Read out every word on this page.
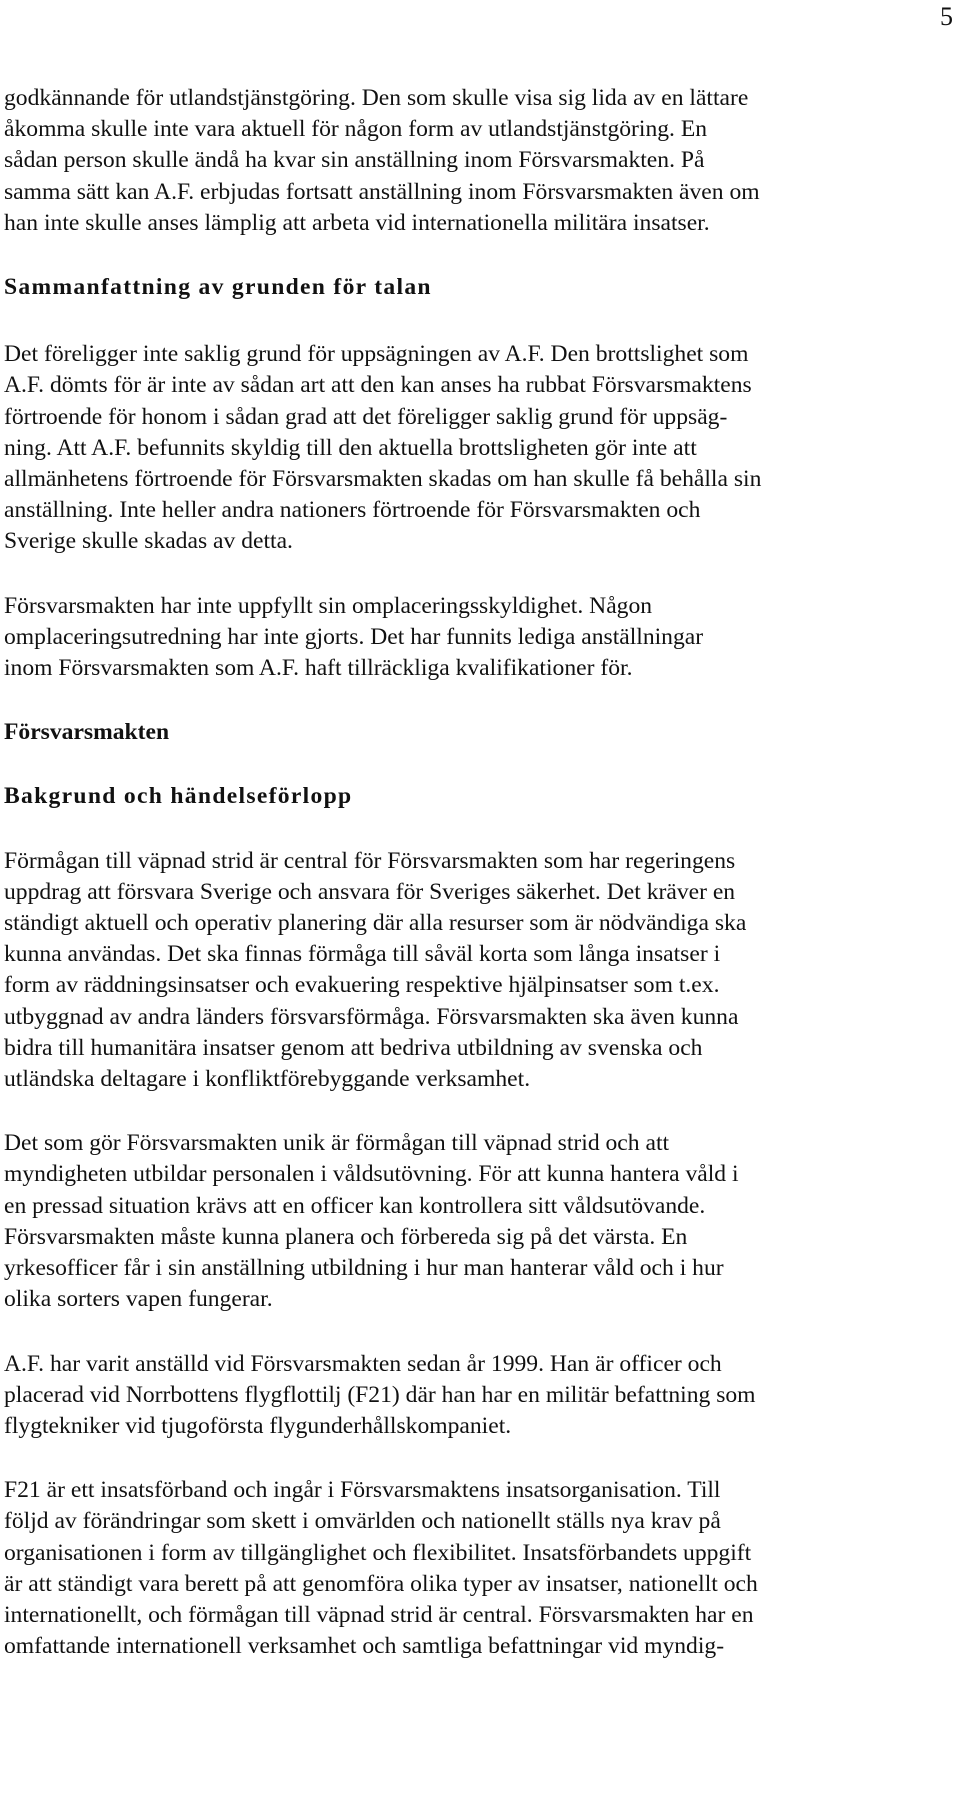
5

godkännande för utlandstjänstgöring. Den som skulle visa sig lida av en lättare
åkomma skulle inte vara aktuell för någon form av utlandstjänstgöring. En
sådan person skulle ändå ha kvar sin anställning inom Försvarsmakten. På
samma sätt kan A.F. erbjudas fortsatt anställning inom Försvarsmakten även om
han inte skulle anses lämplig att arbeta vid internationella militära insatser.

Sammanfattning av grunden för talan

Det föreligger inte saklig grund för uppsägningen av A.F. Den brottslighet som
A.F. dömts för är inte av sådan art att den kan anses ha rubbat Försvarsmaktens
förtroende för honom i sådan grad att det föreligger saklig grund för uppsäg-
ning. Att A.F. befunnits skyldig till den aktuella brottsligheten gör inte att
allmänhetens förtroende för Försvarsmakten skadas om han skulle få behålla sin
anställning. Inte heller andra nationers förtroende för Försvarsmakten och
Sverige skulle skadas av detta.

Försvarsmakten har inte uppfyllt sin omplaceringsskyldighet. Någon
omplaceringsutredning har inte gjorts. Det har funnits lediga anställningar
inom Försvarsmakten som A.F. haft tillräckliga kvalifikationer för.

Försvarsmakten
Bakgrund och händelseförlopp

Förmågan till väpnad strid är central för Försvarsmakten som har regeringens
uppdrag att försvara Sverige och ansvara för Sveriges säkerhet. Det kräver en
ständigt aktuell och operativ planering där alla resurser som är nödvändiga ska
kunna användas. Det ska finnas förmåga till såväl korta som långa insatser i
form av räddningsinsatser och evakuering respektive hjälpinsatser som t.ex.
utbyggnad av andra länders försvarsförmåga. Försvarsmakten ska även kunna
bidra till humanitära insatser genom att bedriva utbildning av svenska och
utländska deltagare i konfliktförebyggande verksamhet.

Det som gör Försvarsmakten unik är förmågan till väpnad strid och att
myndigheten utbildar personalen i våldsutövning. För att kunna hantera våld i
en pressad situation krävs att en officer kan kontrollera sitt våldsutövande.
Försvarsmakten måste kunna planera och förbereda sig på det värsta. En
yrkesofficer får i sin anställning utbildning i hur man hanterar våld och i hur
olika sorters vapen fungerar.

A.F. har varit anställd vid Försvarsmakten sedan år 1999. Han är officer och
placerad vid Norrbottens flygflottilj (F21) där han har en militär befattning som
flygtekniker vid tjugoförsta flygunderhållskompaniet.

F21 är ett insatsförband och ingår i Försvarsmaktens insatsorganisation. Till
följd av förändringar som skett i omvärlden och nationellt ställs nya krav på
organisationen i form av tillgänglighet och flexibilitet. Insatsförbandets uppgift
är att ständigt vara berett på att genomföra olika typer av insatser, nationellt och
internationellt, och förmågan till väpnad strid är central. Försvarsmakten har en
omfattande internationell verksamhet och samtliga befattningar vid myndig-
